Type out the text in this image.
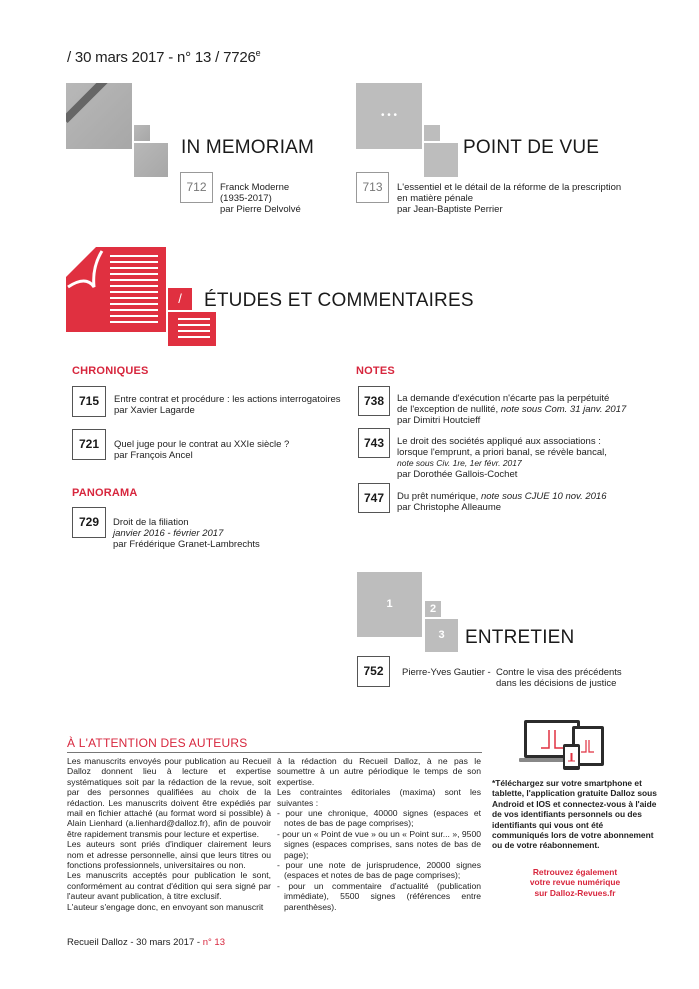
/ 30 mars 2017 - n° 13 / 7726e
IN MEMORIAM
712	Franck Moderne
(1935-2017)
par Pierre Delvolvé
• • •
POINT DE VUE
713	L'essentiel et le détail de la réforme de la prescription
en matière pénale
par Jean-Baptiste Perrier
/	ÉTUDES ET COMMENTAIRES
CHRONIQUES
715	Entre contrat et procédure : les actions interrogatoires
par Xavier Lagarde
721	Quel juge pour le contrat au XXIe siècle ?
par François Ancel
PANORAMA
729	Droit de la filiation
janvier 2016 - février 2017
par Frédérique Granet-Lambrechts
NOTES
738	La demande d'exécution n'écarte pas la perpétuité
de l'exception de nullité, note sous Com. 31 janv. 2017
par Dimitri Houtcieff
743	Le droit des sociétés appliqué aux associations :
lorsque l'emprunt, a priori banal, se révèle bancal,
note sous Civ. 1re, 1er févr. 2017
par Dorothée Gallois-Cochet
747	Du prêt numérique, note sous CJUE 10 nov. 2016
par Christophe Alleaume
1	2
3	ENTRETIEN
752	Pierre-Yves Gautier - Contre le visa des précédents
dans les décisions de justice
À L'ATTENTION DES AUTEURS

Les manuscrits envoyés pour publication au Recueil Dalloz donnent lieu à lecture et expertise systématiques soit par la rédaction de la revue, soit par des personnes qualifiées au choix de la rédaction. Les manuscrits doivent être expédiés par mail en fichier attaché (au format word si possible) à Alain Lienhard (a.lienhard@dalloz.fr), afin de pouvoir être rapidement transmis pour lecture et expertise.

Les auteurs sont priés d'indiquer clairement leurs nom et adresse personnelle, ainsi que leurs titres ou fonctions professionnels, universitaires ou non.

Les manuscrits acceptés pour publication le sont, conformément au contrat d'édition qui sera signé par l'auteur avant publication, à titre exclusif.

L'auteur s'engage donc, en envoyant son manuscrit

à la rédaction du Recueil Dalloz, à ne pas le soumettre à un autre périodique le temps de son expertise.

Les contraintes éditoriales (maxima) sont les suivantes :

- pour une chronique, 40000 signes (espaces et notes de bas de page comprises);

- pour un « Point de vue » ou un « Point sur... », 9500 signes (espaces comprises, sans notes de bas de page);

- pour une note de jurisprudence, 20000 signes (espaces et notes de bas de page comprises);

- pour un commentaire d'actualité (publication immédiate), 5500 signes (références entre parenthèses).

*Téléchargez sur votre smartphone et tablette, l'application gratuite Dalloz sous Android et IOS et connectez-vous à l'aide de vos identifiants personnels ou des identifiants qui vous ont été communiqués lors de votre abonnement ou de votre réabonnement.
Retrouvez également
votre revue numérique
sur Dalloz-Revues.fr
Recueil Dalloz - 30 mars 2017 - n° 13
